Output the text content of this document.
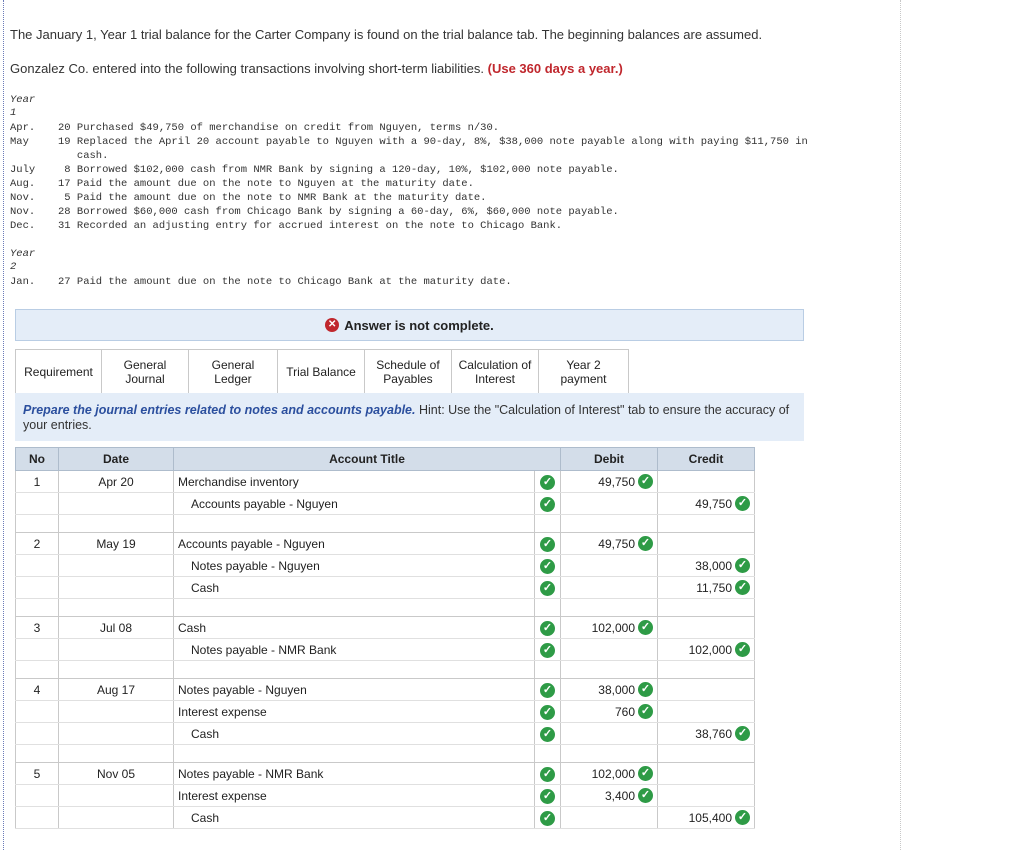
The January 1, Year 1 trial balance for the Carter Company is found on the trial balance tab. The beginning balances are assumed.
Gonzalez Co. entered into the following transactions involving short-term liabilities. (Use 360 days a year.)
Year
1
Apr. 20 Purchased $49,750 of merchandise on credit from Nguyen, terms n/30.
May	19 Replaced the April 20 account payable to Nguyen with a 90-day, 8%, $38,000 note payable along with paying $11,750 in
cash.
July 8 Borrowed $102,000 cash from NMR Bank by signing a 120-day, 10%, $102,000 note payable.
Aug. 17 Paid the amount due on the note to Nguyen at the maturity date.
Nov. 5 Paid the amount due on the note to NMR Bank at the maturity date.
Nov. 28 Borrowed $60,000 cash from Chicago Bank by signing a 60-day, 6%, $60,000 note payable.
Dec. 31 Recorded an adjusting entry for accrued interest on the note to Chicago Bank.
Year
2
Jan. 27 Paid the amount due on the note to Chicago Bank at the maturity date.
✕ Answer is not complete.
Requirement	General
Journal
General
Ledger	Trial Balance Schedule of
Payables
Calculation of
Interest
Year 2
payment
Prepare the journal entries related to notes and accounts payable. Hint: Use the "Calculation of Interest" tab to ensure the accuracy of your entries.
No	Date	Account Title		Debit	Credit
1	Apr 20	Merchandise inventory	✓	49,750 ✓	

		Accounts payable - Nguyen	✓		49,750 ✓

2	May 19	Accounts payable - Nguyen	✓	49,750 ✓	

		Notes payable - Nguyen	✓		38,000 ✓

		Cash	✓		11,750 ✓

3	Jul 08	Cash	✓	102,000 ✓	

		Notes payable - NMR Bank	✓		102,000 ✓

4	Aug 17	Notes payable - Nguyen	✓	38,000 ✓	

		Interest expense	✓	760 ✓	

		Cash	✓		38,760 ✓

5	Nov 05	Notes payable - NMR Bank	✓	102,000 ✓	

		Interest expense	✓	3,400 ✓	

		Cash	✓		105,400 ✓
